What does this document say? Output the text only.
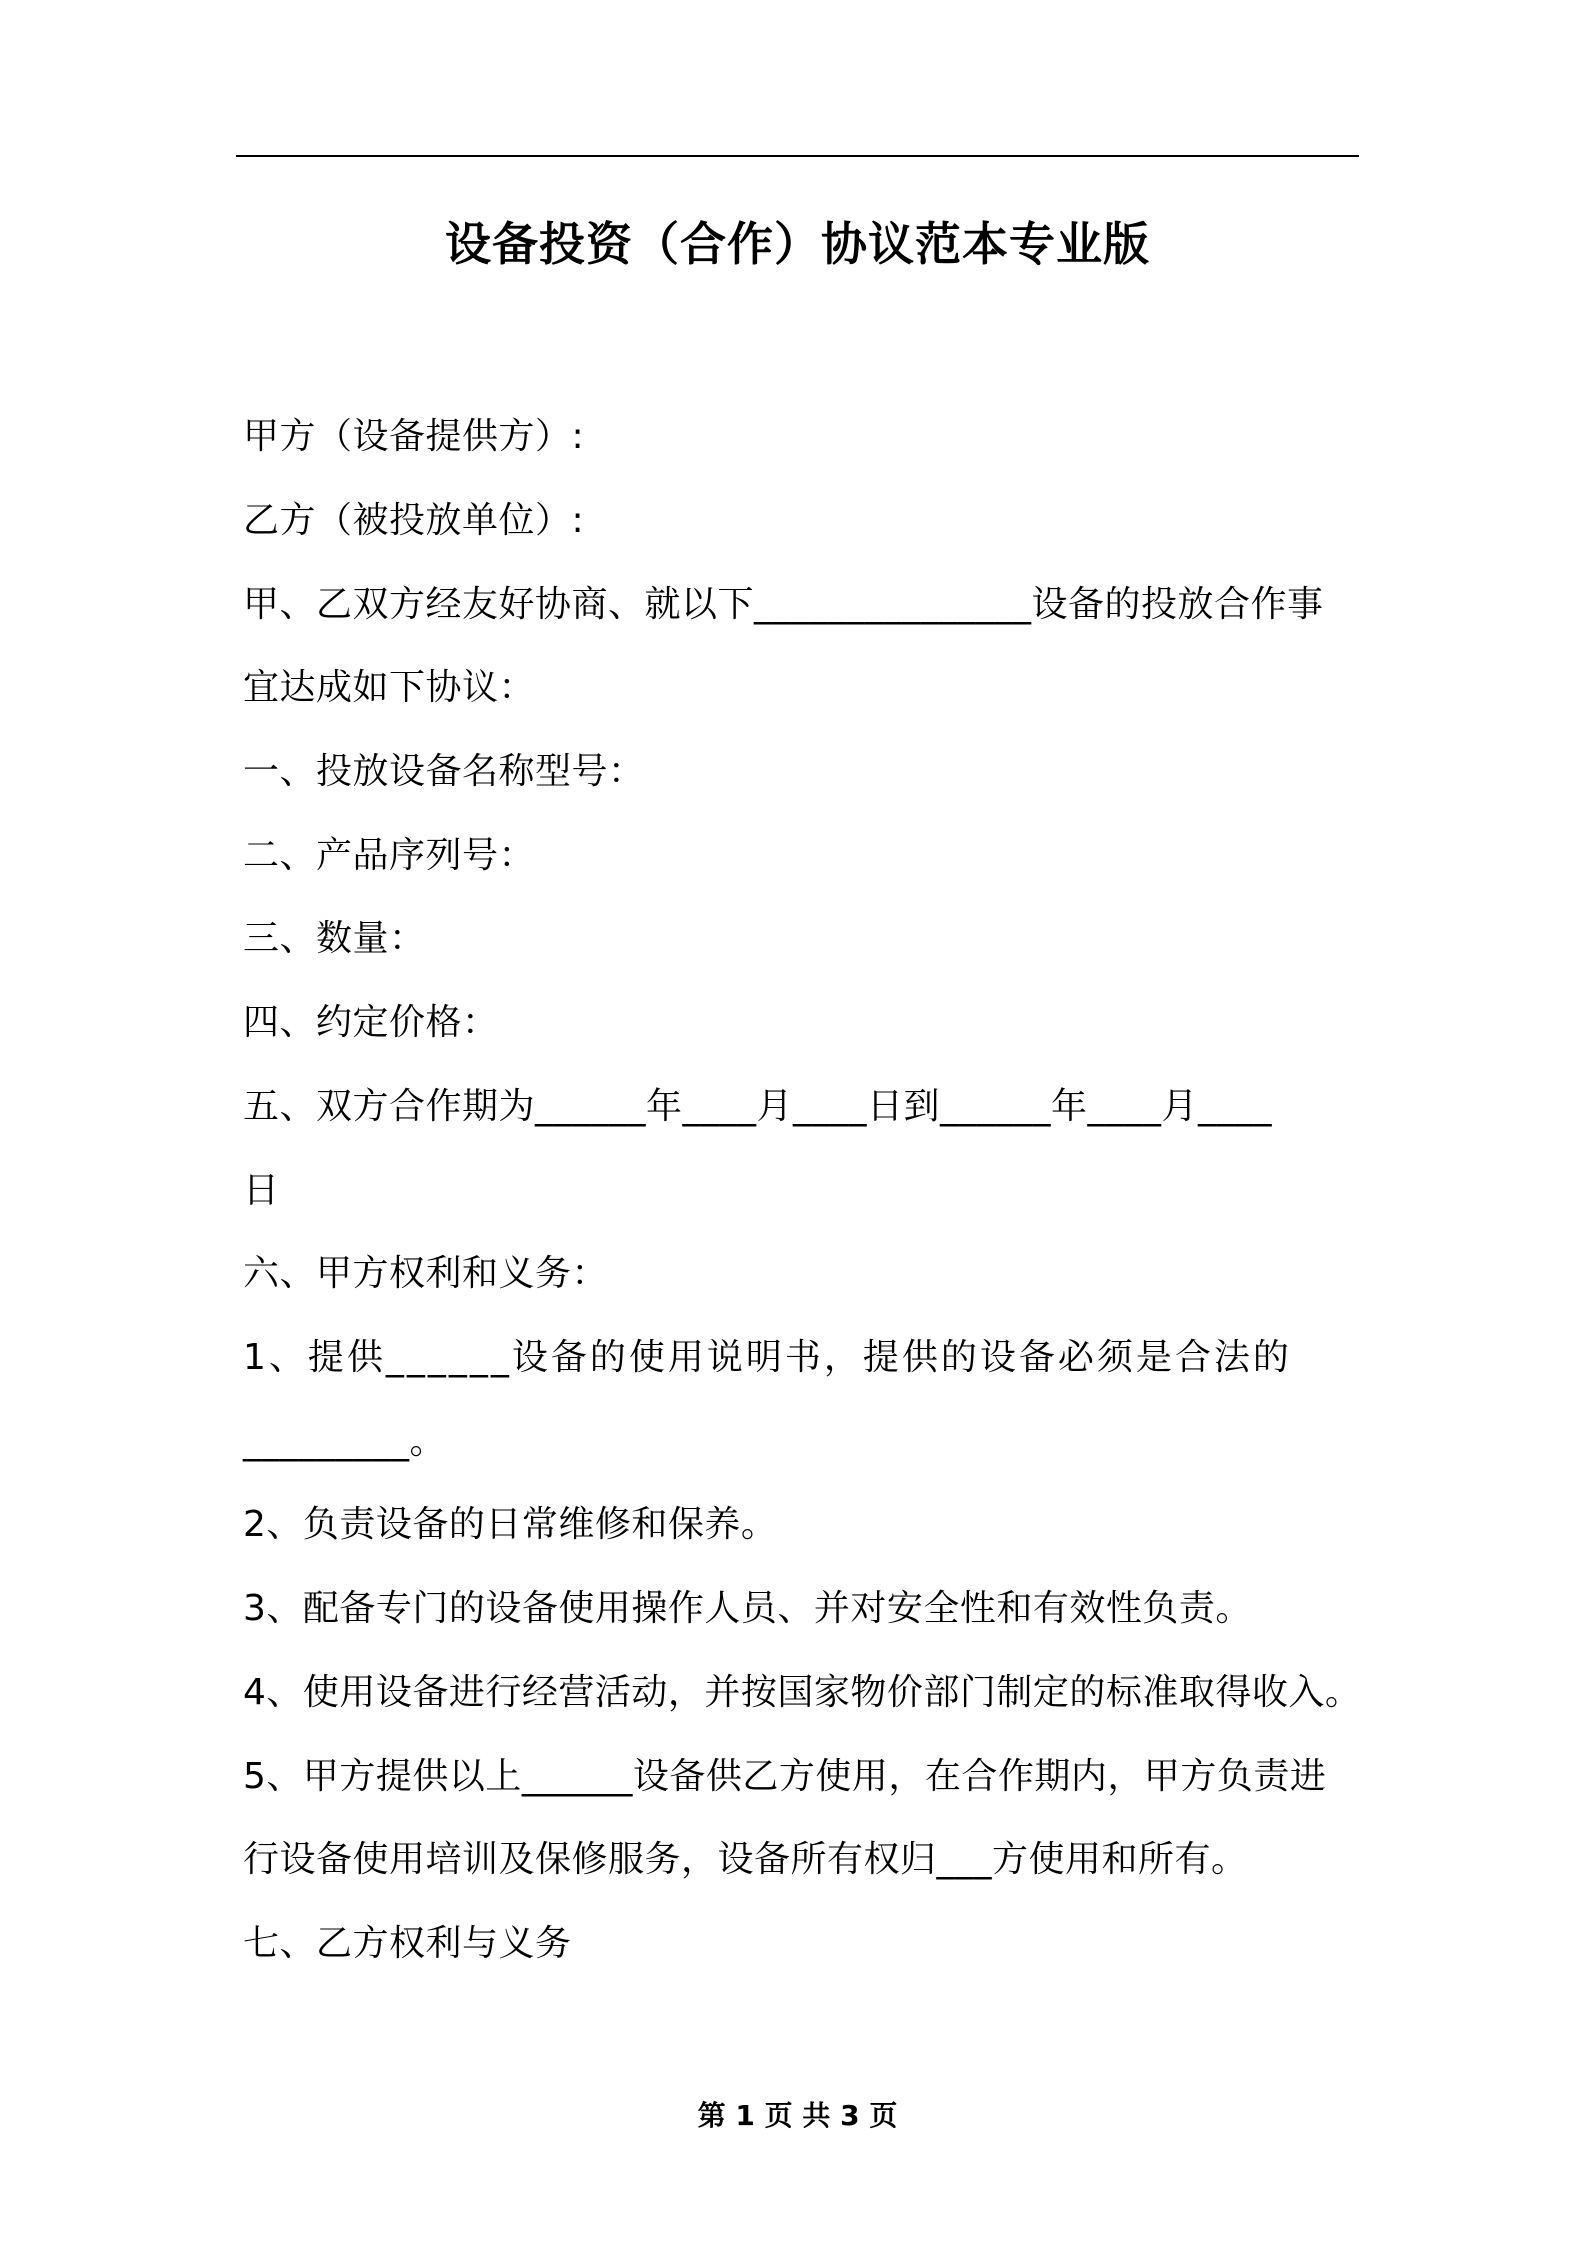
设备投资（合作）协议范本专业版
甲方（设备提供方）:
乙方（被投放单位）:
甲、乙双方经友好协商、就以下_______________设备的投放合作事
宜达成如下协议：
一、投放设备名称型号：
二、产品序列号：
三、数量：
四、约定价格：
五、双方合作期为______年____月____日到______年____月____
日
六、甲方权利和义务：
1、提供______设备的使用说明书，提供的设备必须是合法的
_________。
2、负责设备的日常维修和保养。
3、配备专门的设备使用操作人员、并对安全性和有效性负责。
4、使用设备进行经营活动，并按国家物价部门制定的标准取得收入。
5、甲方提供以上______设备供乙方使用，在合作期内，甲方负责进
行设备使用培训及保修服务，设备所有权归___方使用和所有。
七、乙方权利与义务
第 1 页 共 3 页
